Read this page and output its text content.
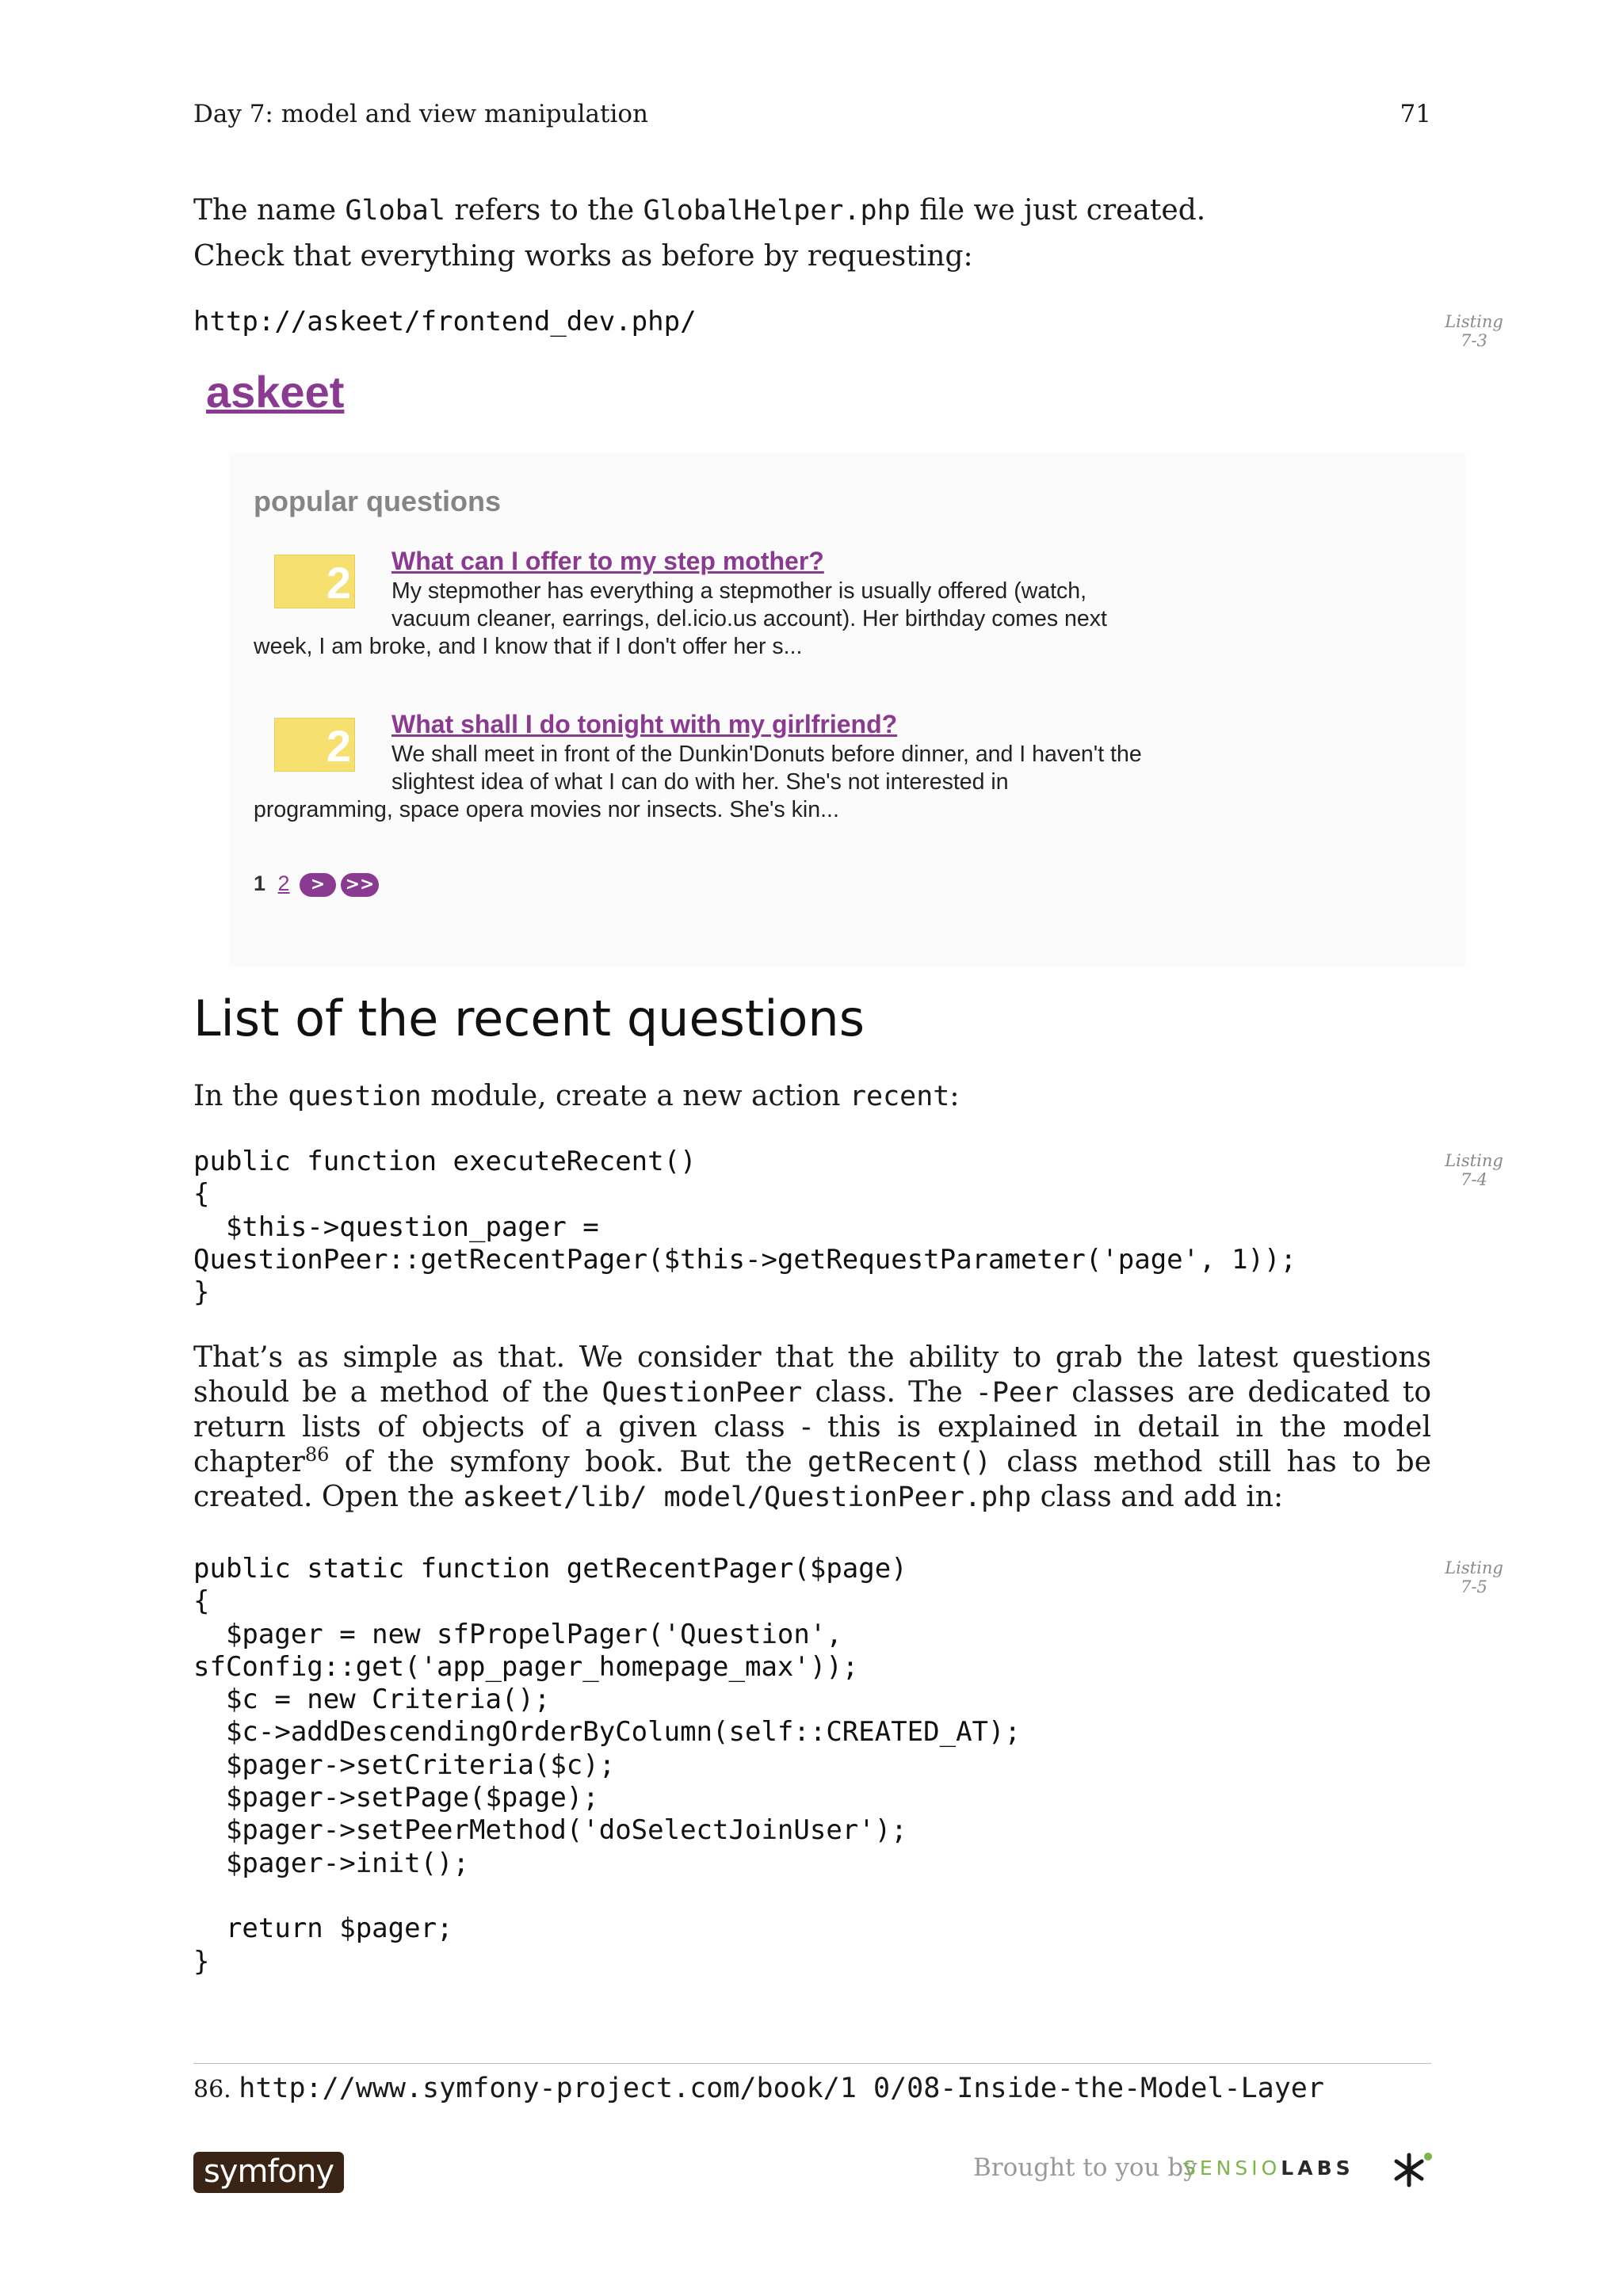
Day 7: model and view manipulation	71
The name Global refers to the GlobalHelper.php file we just created.
Check that everything works as before by requesting:
http://askeet/frontend_dev.php/	Listing
7-3
askeet
popular questions
2 What can I offer to my step mother?
My stepmother has everything a stepmother is usually offered (watch,
vacuum cleaner, earrings, del.icio.us account). Her birthday comes next
week, I am broke, and I know that if I don't offer her s...
2 What shall I do tonight with my girlfriend?
We shall meet in front of the Dunkin'Donuts before dinner, and I haven't the
slightest idea of what I can do with her. She's not interested in
programming, space opera movies nor insects. She's kin...
1 2	>	>>
List of the recent questions
In the question module, create a new action recent:
public function executeRecent()
{
$this->question_pager =
QuestionPeer::getRecentPager($this->getRequestParameter('page', 1));
}
Listing
7-4
That’s as simple as that. We consider that the ability to grab the latest questions should be a method of the QuestionPeer class. The -Peer classes are dedicated to return lists of objects of a given class - this is explained in detail in the model chapter$^{86}$ of the symfony book. But the getRecent() class method still has to be created. Open the askeet/lib/ model/QuestionPeer.php class and add in:
public static function getRecentPager($page)
{
$pager = new sfPropelPager('Question',
sfConfig::get('app_pager_homepage_max'));
$c = new Criteria();
$c->addDescendingOrderByColumn(self::CREATED_AT);
$pager->setCriteria($c);
$pager->setPage($page);
$pager->setPeerMethod('doSelectJoinUser');
$pager->init();

return $pager;
}
Listing
7-5
86. http://www.symfony-project.com/book/1 0/08-Inside-the-Model-Layer
symfony	Brought to you by
SENSIOLABS
